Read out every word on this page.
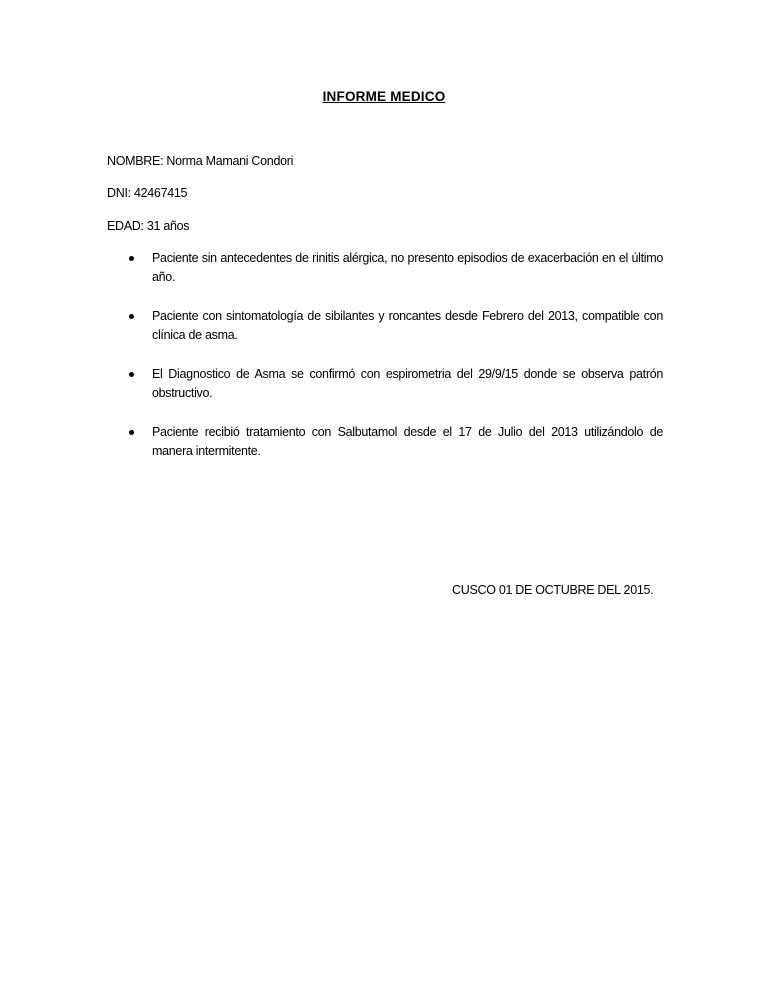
INFORME MEDICO
NOMBRE: Norma Mamani Condori
DNI: 42467415
EDAD: 31 años
Paciente sin antecedentes de rinitis alérgica, no presento episodios de exacerbación en el último año.
Paciente con sintomatología de sibilantes y roncantes desde Febrero del 2013, compatible con clínica de asma.
El Diagnostico de Asma se confirmó con espirometria del 29/9/15 donde se observa patrón obstructivo.
Paciente recibió tratamiento con Salbutamol desde el 17 de Julio del 2013 utilizándolo de manera intermitente.
CUSCO 01 DE OCTUBRE DEL 2015.
